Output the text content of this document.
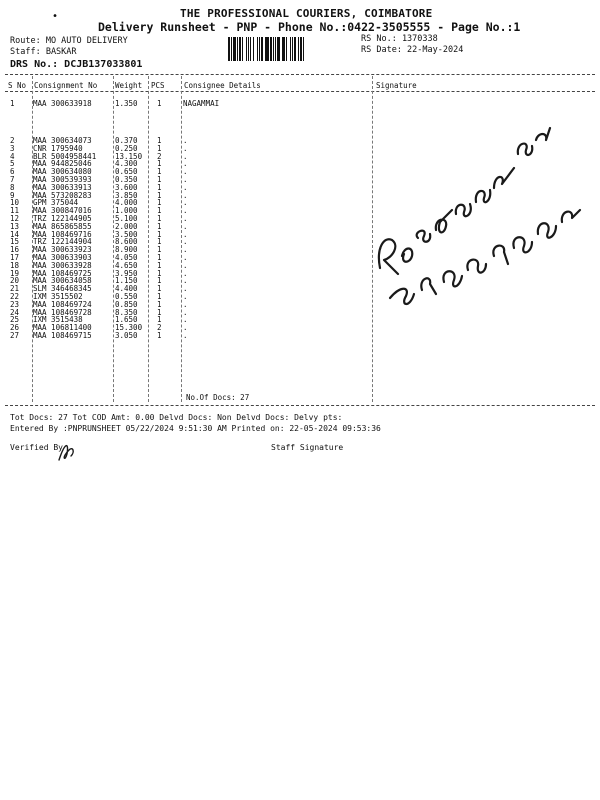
•	THE PROFESSIONAL COURIERS, COIMBATORE
Delivery Runsheet - PNP - Phone No.:0422-3505555 - Page No.:1
Route: MO AUTO DELIVERY
Staff: BASKAR
DRS No.: DCJB137033801
RS No.: 1370338
RS Date: 22-May-2024
S No Consignment No Weight PCS	Consignee Details	Signature
1 MAA 300633918	1.350	1	NAGAMMAI
2 MAA 300634073	0.370	1	.
3 CNR 1795940	0.250	1	.
4 BLR 5004958441	13.150 2	.
5 MAA 944825046	4.300	1	.
6 MAA 300634080	0.650	1	.
7 MAA 300539393	0.350	1	.
8 MAA 300633913	3.600	1	.
9 MAA 573208283	3.850	1	.
10 GPM 375044	4.000	1	.
11 MAA 300847016	1.000	1	.
12 TRZ 122144905	5.100	1	.
13 MAA 865865855	2.000	1	.
14 MAA 108469716	3.500	1	.
15 TRZ 122144904	8.600	1	.
16 MAA 300633923	8.900	1	.
17 MAA 300633903	4.050	1	.
18 MAA 300633928	4.650	1	.
19 MAA 108469725	3.950	1	.
20 MAA 300634058	1.150	1	.
21 SLM 346468345	4.400	1	.
22 IXM 3515502	0.550	1	.
23 MAA 108469724	0.850	1	.
24 MAA 108469728	8.350	1	.
25 IXM 3515438	1.650	1	.
26 MAA 106811400	15.300 2	.
27 MAA 108469715	3.050	1	.
No.Of Docs: 27
Tot Docs: 27 Tot COD Amt: 0.00 Delvd Docs: Non Delvd Docs: Delvy pts:
Entered By :PNPRUNSHEET 05/22/2024 9:51:30 AM Printed on: 22-05-2024 09:53:36
Verified By	Staff Signature
